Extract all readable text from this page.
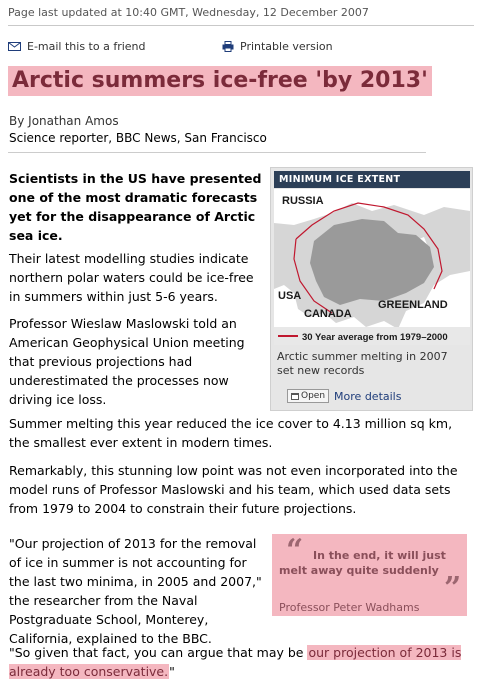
Page last updated at 10:40 GMT, Wednesday, 12 December 2007
E-mail this to a friend	Printable version
Arctic summers ice-free 'by 2013'
By Jonathan Amos
Science reporter, BBC News, San Francisco
Scientists in the US have presented one of the most dramatic forecasts yet for the disappearance of Arctic sea ice.
Their latest modelling studies indicate northern polar waters could be ice-free in summers within just 5-6 years.
Professor Wieslaw Maslowski told an American Geophysical Union meeting that previous projections had underestimated the processes now driving ice loss.
MINIMUM ICE EXTENT
RUSSIA
USA
CANADA
GREENLAND
30 Year average from 1979–2000
Arctic summer melting in 2007 set new records
Open More details
Summer melting this year reduced the ice cover to 4.13 million sq km, the smallest ever extent in modern times.
Remarkably, this stunning low point was not even incorporated into the model runs of Professor Maslowski and his team, which used data sets from 1979 to 2004 to constrain their future projections.
“ In the end, it will just melt away quite suddenly
”
Professor Peter Wadhams
"Our projection of 2013 for the removal of ice in summer is not accounting for the last two minima, in 2005 and 2007," the researcher from the Naval Postgraduate School, Monterey, California, explained to the BBC.
"So given that fact, you can argue that may be our projection of 2013 is already too conservative."
